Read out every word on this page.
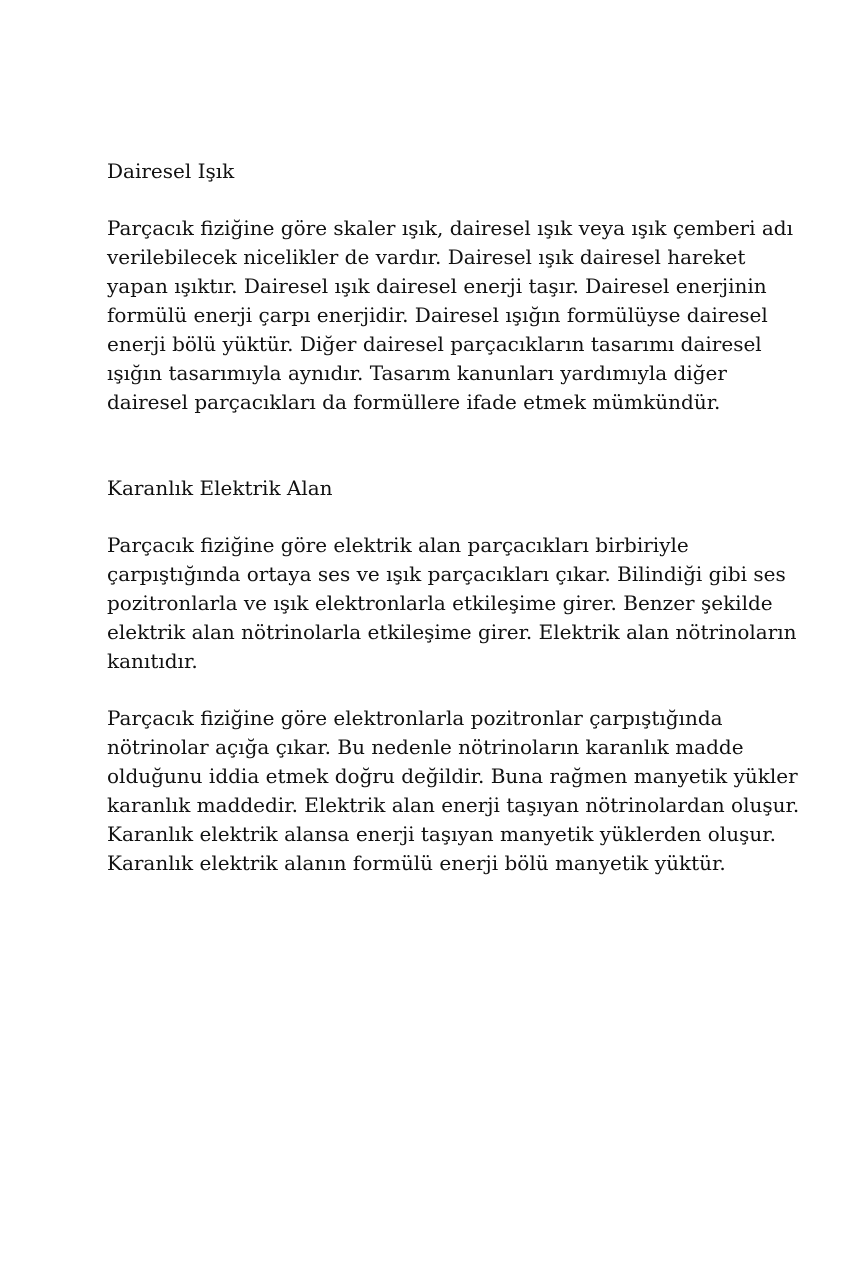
Dairesel Işık

Parçacık fiziğine göre skaler ışık, dairesel ışık veya ışık çemberi adı verilebilecek nicelikler de vardır. Dairesel ışık dairesel hareket yapan ışıktır. Dairesel ışık dairesel enerji taşır. Dairesel enerjinin formülü enerji çarpı enerjidir. Dairesel ışığın formülüyse dairesel enerji bölü yüktür. Diğer dairesel parçacıkların tasarımı dairesel ışığın tasarımıyla aynıdır. Tasarım kanunları yardımıyla diğer dairesel parçacıkları da formüllere ifade etmek mümkündür.

Karanlık Elektrik Alan

Parçacık fiziğine göre elektrik alan parçacıkları birbiriyle çarpıştığında ortaya ses ve ışık parçacıkları çıkar. Bilindiği gibi ses pozitronlarla ve ışık elektronlarla etkileşime girer. Benzer şekilde elektrik alan nötrinolarla etkileşime girer. Elektrik alan nötrinoların kanıtıdır.

Parçacık fiziğine göre elektronlarla pozitronlar çarpıştığında nötrinolar açığa çıkar. Bu nedenle nötrinoların karanlık madde olduğunu iddia etmek doğru değildir. Buna rağmen manyetik yükler karanlık maddedir. Elektrik alan enerji taşıyan nötrinolardan oluşur. Karanlık elektrik alansa enerji taşıyan manyetik yüklerden oluşur. Karanlık elektrik alanın formülü enerji bölü manyetik yüktür.
